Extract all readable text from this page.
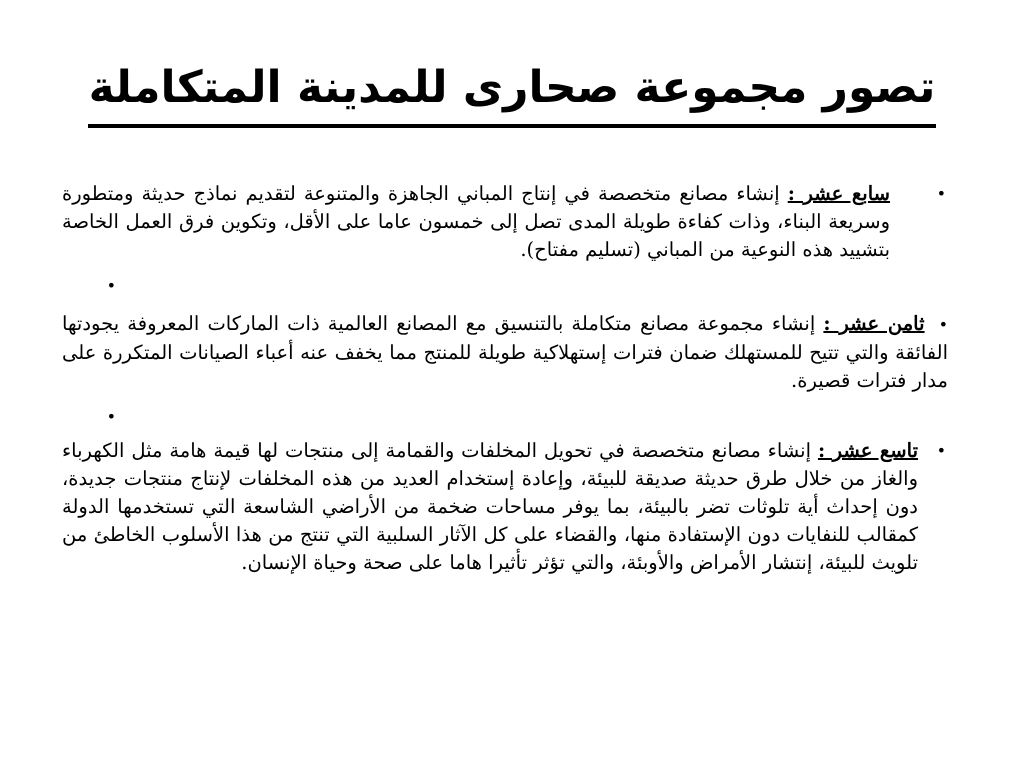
تصور مجموعة صحارى للمدينة المتكاملة

•
سابع عشر : إنشاء مصانع متخصصة في إنتاج المباني الجاهزة والمتنوعة لتقديم نماذج حديثة ومتطورة وسريعة البناء، وذات كفاءة طويلة المدى تصل إلى خمسون عاما على الأقل، وتكوين فرق العمل الخاصة بتشييد هذه النوعية من المباني (تسليم مفتاح).

•

•ثامن عشر : إنشاء مجموعة مصانع متكاملة بالتنسيق مع المصانع العالمية ذات الماركات المعروفة يجودتها الفائقة والتي تتيح للمستهلك ضمان فترات إستهلاكية طويلة للمنتج مما يخفف عنه أعباء الصيانات المتكررة على مدار فترات قصيرة.

•

•
تاسع عشر : إنشاء مصانع متخصصة في تحويل المخلفات والقمامة إلى منتجات لها قيمة هامة مثل الكهرباء والغاز من خلال طرق حديثة صديقة للبيئة، وإعادة إستخدام العديد من هذه المخلفات لإنتاج منتجات جديدة، دون إحداث أية تلوثات تضر بالبيئة، بما يوفر مساحات ضخمة من الأراضي الشاسعة التي تستخدمها الدولة كمقالب للنفايات دون الإستفادة منها، والقضاء على كل الآثار السلبية التي تنتج من هذا الأسلوب الخاطئ من تلويث للبيئة، إنتشار الأمراض والأوبئة، والتي تؤثر تأثيرا هاما على صحة وحياة الإنسان.
